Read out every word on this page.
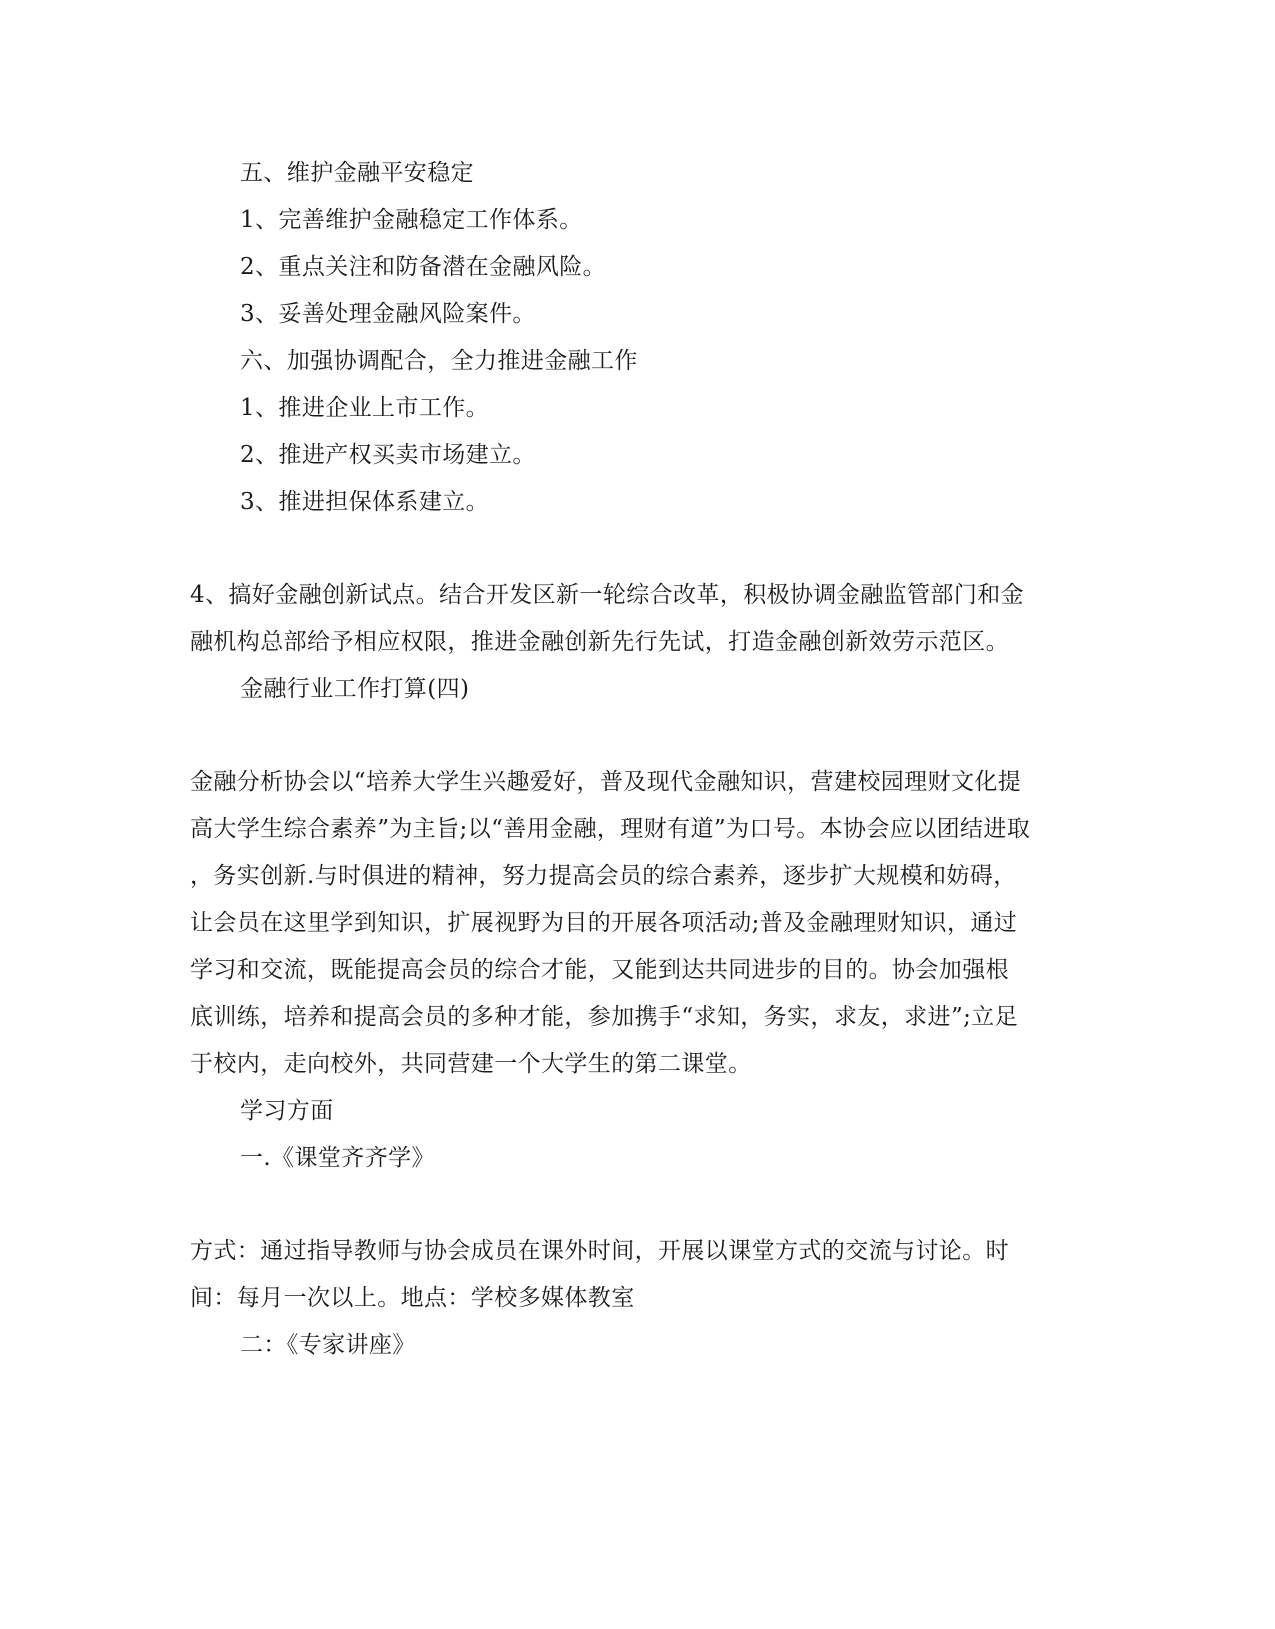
五、维护金融平安稳定
1、完善维护金融稳定工作体系。
2、重点关注和防备潜在金融风险。
3、妥善处理金融风险案件。
六、加强协调配合，全力推进金融工作
1、推进企业上市工作。
2、推进产权买卖市场建立。
3、推进担保体系建立。
4、搞好金融创新试点。结合开发区新一轮综合改革，积极协调金融监管部门和金
融机构总部给予相应权限，推进金融创新先行先试，打造金融创新效劳示范区。
金融行业工作打算(四)
金融分析协会以“培养大学生兴趣爱好，普及现代金融知识，营建校园理财文化提
高大学生综合素养”为主旨;以“善用金融，理财有道”为口号。本协会应以团结进取
，务实创新.与时俱进的精神，努力提高会员的综合素养，逐步扩大规模和妨碍，
让会员在这里学到知识，扩展视野为目的开展各项活动;普及金融理财知识，通过
学习和交流，既能提高会员的综合才能，又能到达共同进步的目的。协会加强根
底训练，培养和提高会员的多种才能，参加携手“求知，务实，求友，求进”;立足
于校内，走向校外，共同营建一个大学生的第二课堂。
学习方面
一.《课堂齐齐学》
方式：通过指导教师与协会成员在课外时间，开展以课堂方式的交流与讨论。时
间：每月一次以上。地点：学校多媒体教室
二：《专家讲座》
